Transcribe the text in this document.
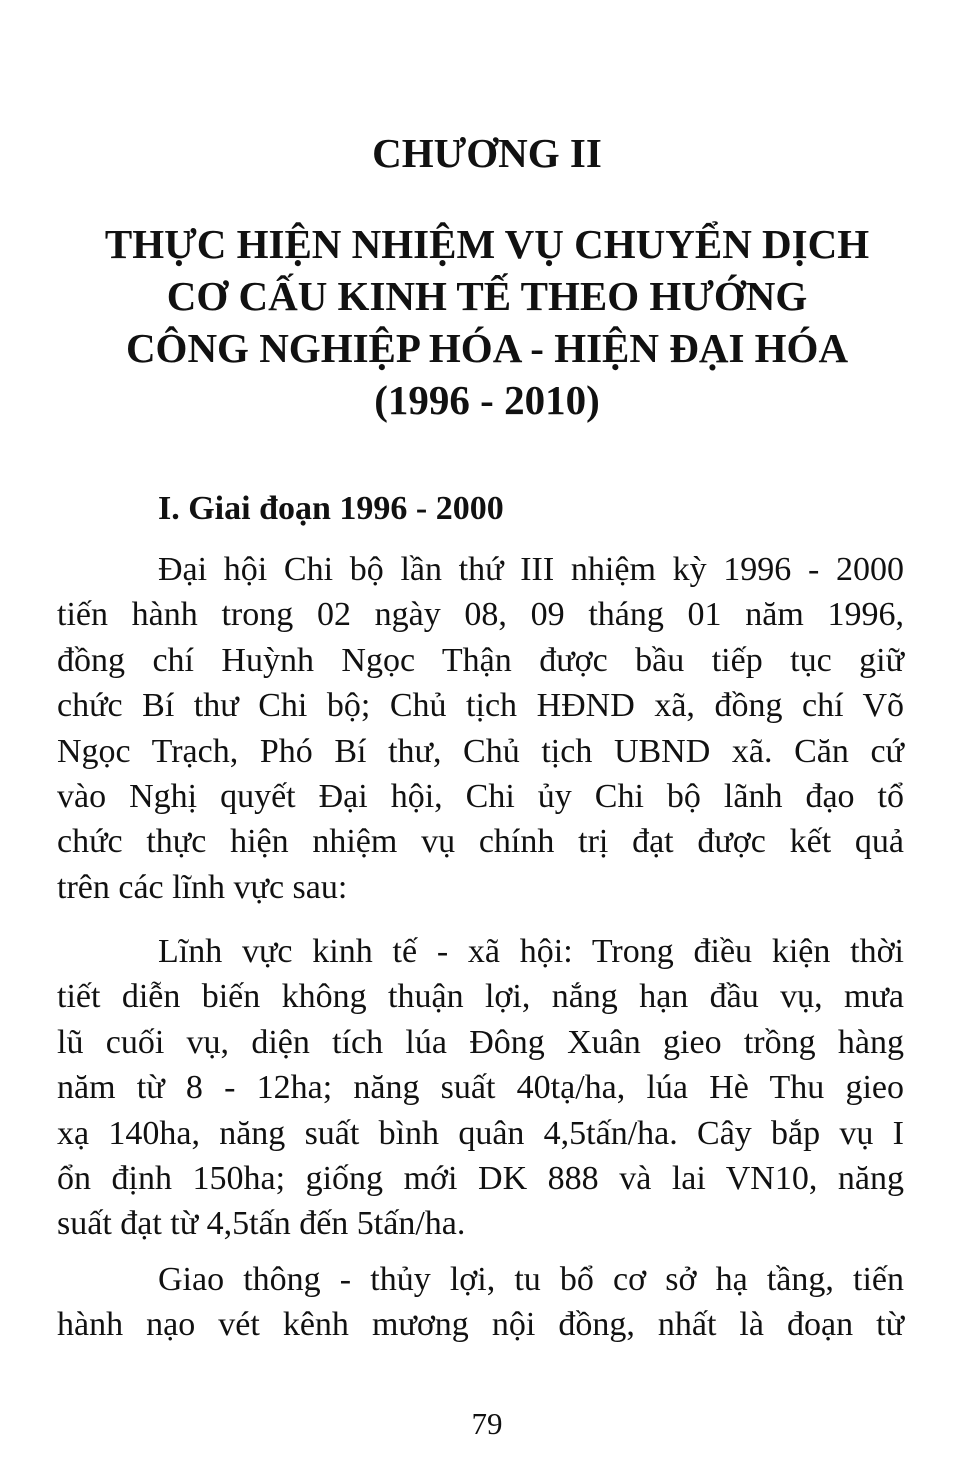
CHƯƠNG II
THỰC HIỆN NHIỆM VỤ CHUYỂN DỊCH
CƠ CẤU KINH TẾ THEO HƯỚNG
CÔNG NGHIỆP HÓA - HIỆN ĐẠI HÓA
(1996 - 2010)
I. Giai đoạn 1996 - 2000
Đại hội Chi bộ lần thứ III nhiệm kỳ 1996 - 2000
tiến hành trong 02 ngày 08, 09 tháng 01 năm 1996,
đồng chí Huỳnh Ngọc Thận được bầu tiếp tục giữ
chức Bí thư Chi bộ; Chủ tịch HĐND xã, đồng chí Võ
Ngọc Trạch, Phó Bí thư, Chủ tịch UBND xã. Căn cứ
vào Nghị quyết Đại hội, Chi ủy Chi bộ lãnh đạo tổ
chức thực hiện nhiệm vụ chính trị đạt được kết quả
trên các lĩnh vực sau:
Lĩnh vực kinh tế - xã hội: Trong điều kiện thời
tiết diễn biến không thuận lợi, nắng hạn đầu vụ, mưa
lũ cuối vụ, diện tích lúa Đông Xuân gieo trồng hàng
năm từ 8 - 12ha; năng suất 40tạ/ha, lúa Hè Thu gieo
xạ 140ha, năng suất bình quân 4,5tấn/ha. Cây bắp vụ I
ổn định 150ha; giống mới DK 888 và lai VN10, năng
suất đạt từ 4,5tấn đến 5tấn/ha.
Giao thông - thủy lợi, tu bổ cơ sở hạ tầng, tiến
hành nạo vét kênh mương nội đồng, nhất là đoạn từ
79
